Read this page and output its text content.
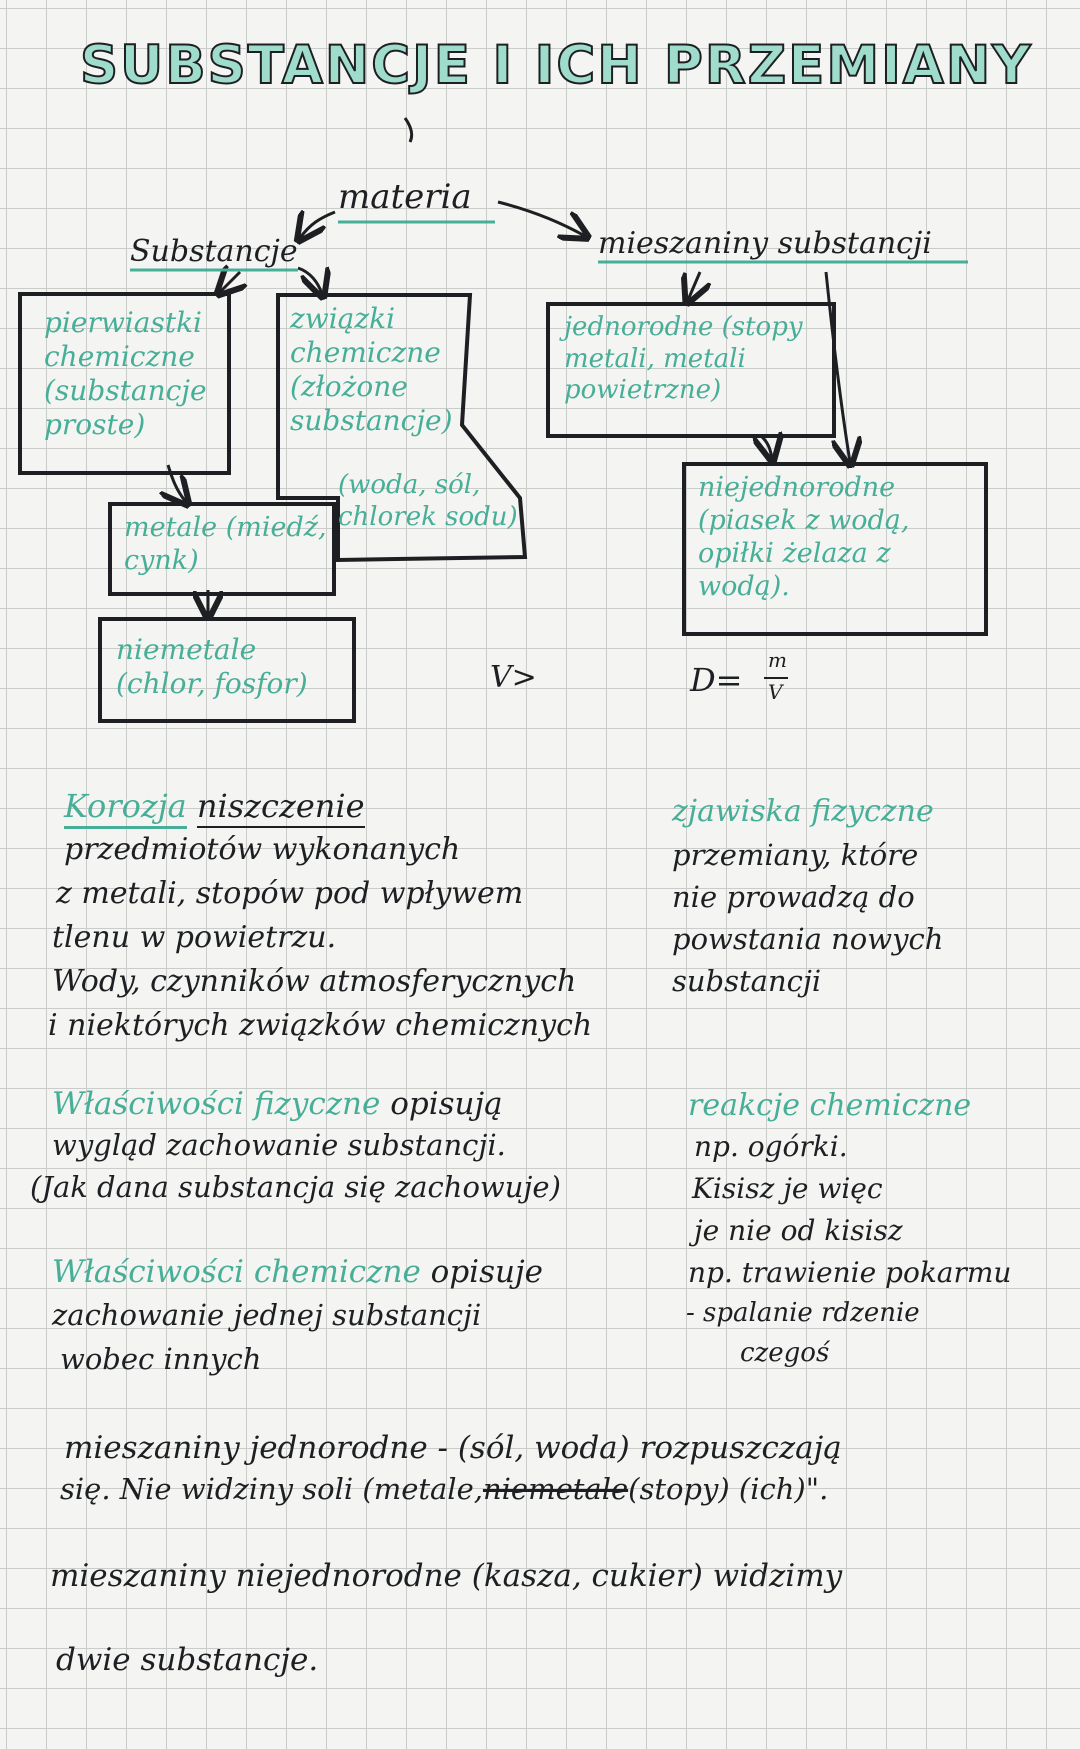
SUBSTANCJE I ICH PRZEMIANY
materia
Substancje	mieszaniny substancji
pierwiastki chemiczne (substancje proste)
związki chemiczne (złożone substancje)
(woda, sól, chlorek sodu)
metale (miedź, cynk)
niemetale (chlor, fosfor)
jednorodne (stopy metali, metali powietrzne)
niejednorodne (piasek z wodą, opiłki żelaza z wodą).
V>	D=
m
V
Korozja niszczenie
przedmiotów wykonanych
z metali, stopów pod wpływem
tlenu w powietrzu.
Wody, czynników atmosferycznych
i niektórych związków chemicznych
zjawiska fizyczne
przemiany, które
nie prowadzą do
powstania nowych
substancji
Właściwości fizyczne opisują
wygląd zachowanie substancji.
(Jak dana substancja się zachowuje)
reakcje chemiczne
np. ogórki.
Kisisz je więc
je nie od kisisz
np. trawienie pokarmu
- spalanie rdzenie
czegoś
Właściwości chemiczne opisuje
zachowanie jednej substancji
wobec innych
mieszaniny jednorodne - (sól, woda) rozpuszczają
się. Nie widziny soli (metale,niemetale(stopy) (ich)".
mieszaniny niejednorodne (kasza, cukier) widzimy
dwie substancje.
